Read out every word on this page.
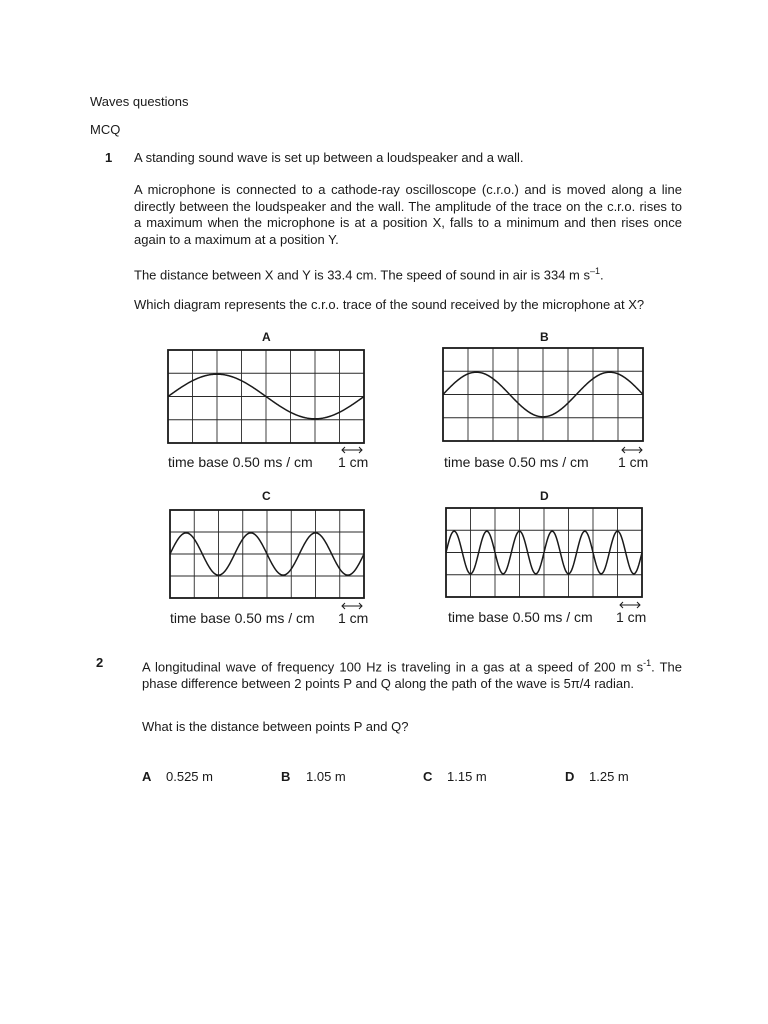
Waves questions
MCQ
1 A standing sound wave is set up between a loudspeaker and a wall.
A microphone is connected to a cathode-ray oscilloscope (c.r.o.) and is moved along a line directly between the loudspeaker and the wall. The amplitude of the trace on the c.r.o. rises to a maximum when the microphone is at a position X, falls to a minimum and then rises once again to a maximum at a position Y.
The distance between X and Y is 33.4 cm. The speed of sound in air is 334 m $s^{-1}$.
Which diagram represents the c.r.o. trace of the sound received by the microphone at X?
A
time base 0.50 ms / cm 1 cm
B
time base 0.50 ms / cm 1 cm
C
time base 0.50 ms / cm 1 cm
D
time base 0.50 ms / cm 1 cm
2	A longitudinal wave of frequency 100 Hz is traveling in a gas at a speed of 200 m $s^{-1}$. The phase difference between 2 points P and Q along the path of the wave is 5π/4 radian.
What is the distance between points P and Q?
A 0.525 m	B 1.05 m	C 1.15 m	D 1.25 m
